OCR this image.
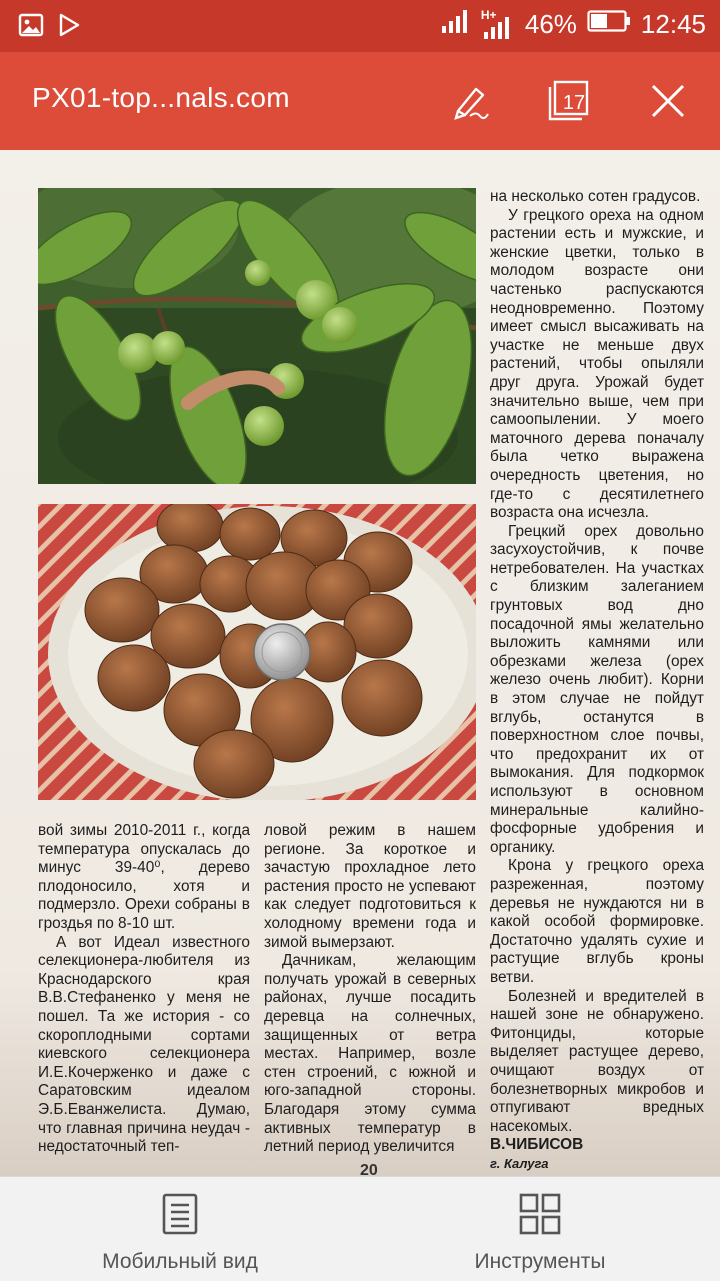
H+ 46% 12:45
PX01-top...nals.com	17

вой зимы 2010-2011 г., когда температура опускалась до минус 39-40⁰, дерево плодоносило, хотя и подмерзло. Орехи собраны в гроздья по 8-10 шт.

А вот Идеал известного селекционера-любителя из Краснодарского края В.В.Стефаненко у меня не пошел. Та же история - со скороплодными сортами киевского селекционера И.Е.Кочерженко и даже с Саратовским идеалом Э.Б.Еванжелиста. Думаю, что главная причина неудач - недостаточный теп-

ловой режим в нашем регионе. За короткое и зачастую прохладное лето растения просто не успевают как следует подготовиться к холодному времени года и зимой вымерзают.

Дачникам, желающим получать урожай в северных районах, лучше посадить деревца на солнечных, защищенных от ветра местах. Например, возле стен строений, с южной и юго-западной стороны. Благодаря этому сумма активных температур в летний период увеличится

на несколько сотен градусов.

У грецкого ореха на одном растении есть и мужские, и женские цветки, только в молодом возрасте они частенько распускаются неодновременно. Поэтому имеет смысл высаживать на участке не меньше двух растений, чтобы опыляли друг друга. Урожай будет значительно выше, чем при самоопылении. У моего маточного дерева поначалу была четко выражена очередность цветения, но где-то с десятилетнего возраста она исчезла.

Грецкий орех довольно засухоустойчив, к почве нетребователен. На участках с близким залеганием грунтовых вод дно посадочной ямы желательно выложить камнями или обрезками железа (орех железо очень любит). Корни в этом случае не пойдут вглубь, останутся в поверхностном слое почвы, что предохранит их от вымокания. Для подкормок используют в основном минеральные калийно-фосфорные удобрения и органику.

Крона у грецкого ореха разреженная, поэтому деревья не нуждаются ни в какой особой формировке. Достаточно удалять сухие и растущие вглубь кроны ветви.

Болезней и вредителей в нашей зоне не обнаружено. Фитонциды, которые выделяет растущее дерево, очищают воздух от болезнетворных микробов и отпугивают вредных насекомых.

В.ЧИБИСОВ

г. Калуга

20
Мобильный вид	Инструменты
